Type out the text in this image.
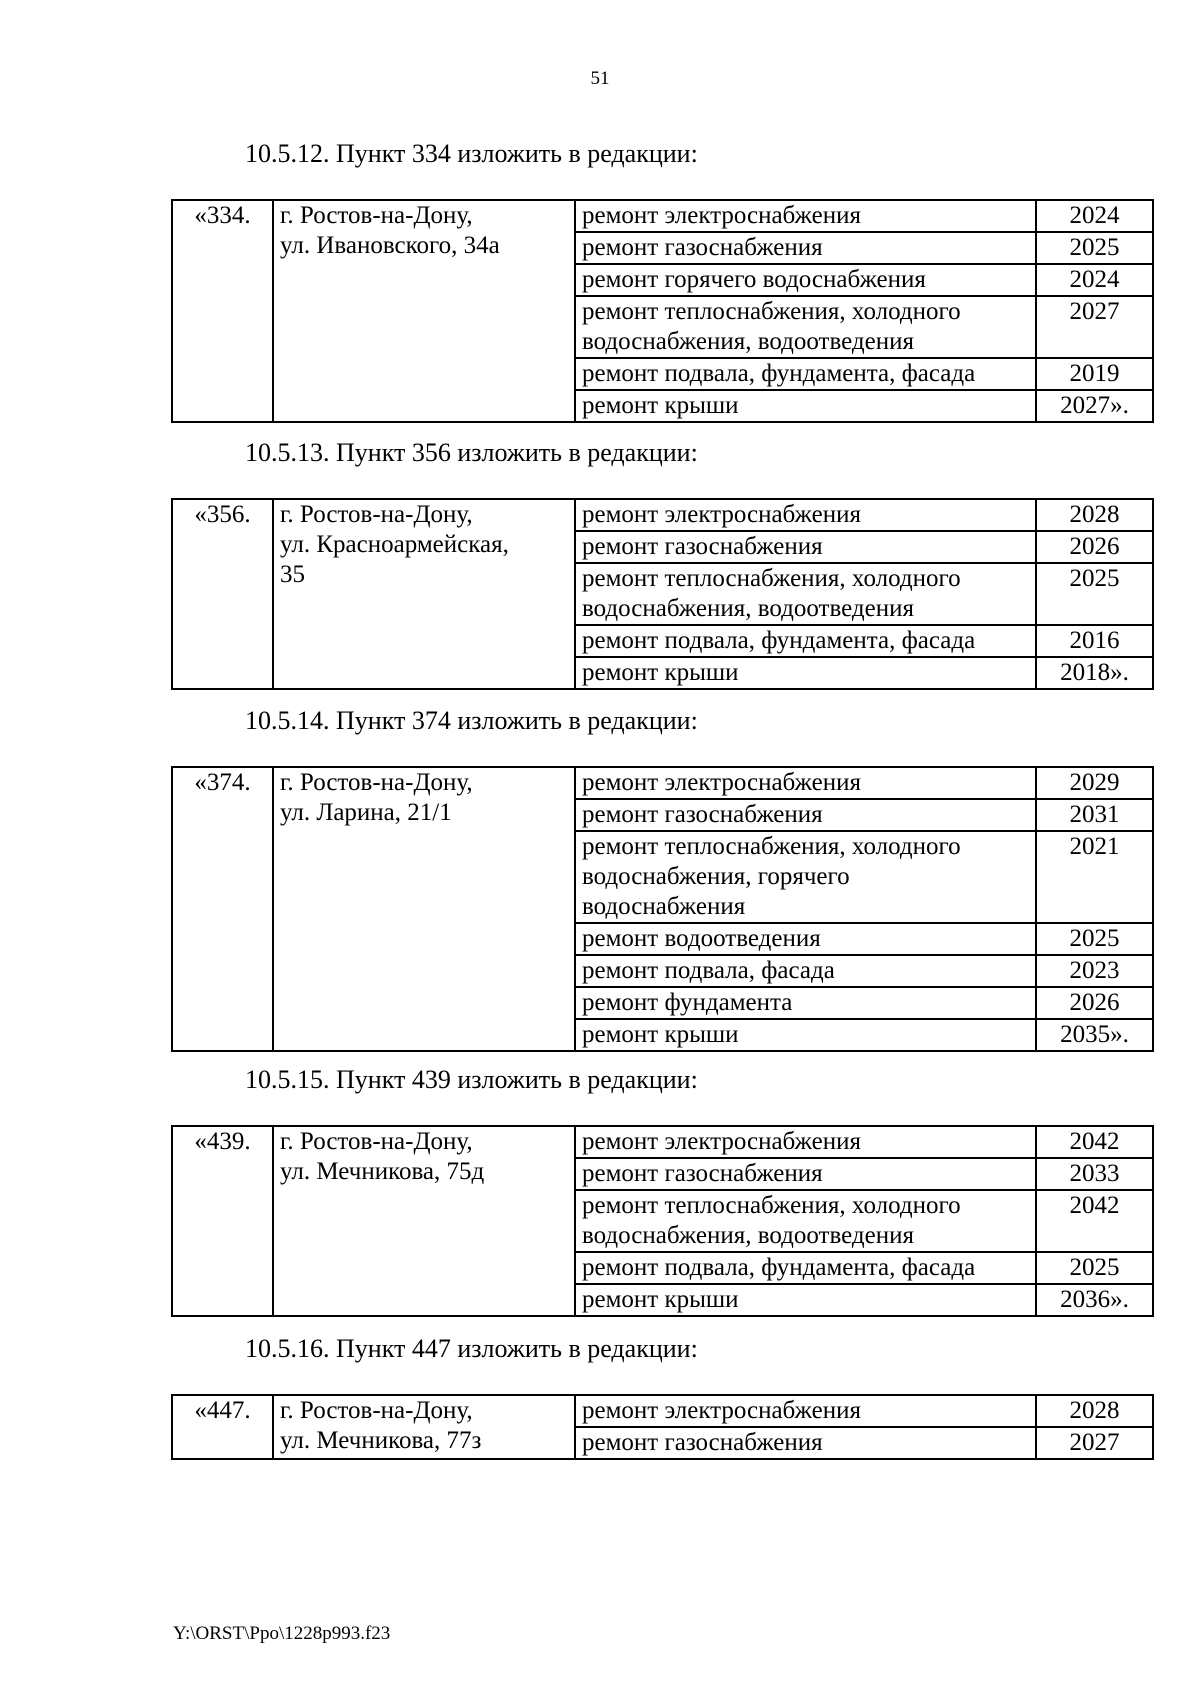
51
10.5.12. Пункт 334 изложить в редакции:
«334.	г. Ростов-на-Дону,
ул. Ивановского, 34а	ремонт электроснабжения	2024

		ремонт газоснабжения	2025

		ремонт горячего водоснабжения	2024

		ремонт теплоснабжения, холодного
водоснабжения, водоотведения	2027

		ремонт подвала, фундамента, фасада	2019

		ремонт крыши	2027».
10.5.13. Пункт 356 изложить в редакции:
«356.	г. Ростов-на-Дону,
ул. Красноармейская,
35	ремонт электроснабжения	2028

		ремонт газоснабжения	2026

		ремонт теплоснабжения, холодного
водоснабжения, водоотведения	2025

		ремонт подвала, фундамента, фасада	2016

		ремонт крыши	2018».
10.5.14. Пункт 374 изложить в редакции:
«374.	г. Ростов-на-Дону,
ул. Ларина, 21/1	ремонт электроснабжения	2029

		ремонт газоснабжения	2031

		ремонт теплоснабжения, холодного
водоснабжения, горячего
водоснабжения	2021

		ремонт водоотведения	2025

		ремонт подвала, фасада	2023

		ремонт фундамента	2026

		ремонт крыши	2035».
10.5.15. Пункт 439 изложить в редакции:
«439.	г. Ростов-на-Дону,
ул. Мечникова, 75д	ремонт электроснабжения	2042

		ремонт газоснабжения	2033

		ремонт теплоснабжения, холодного
водоснабжения, водоотведения	2042

		ремонт подвала, фундамента, фасада	2025

		ремонт крыши	2036».
10.5.16. Пункт 447 изложить в редакции:
«447.	г. Ростов-на-Дону,
ул. Мечникова, 77з	ремонт электроснабжения	2028

		ремонт газоснабжения	2027
Y:\ORST\Ppo\1228p993.f23
